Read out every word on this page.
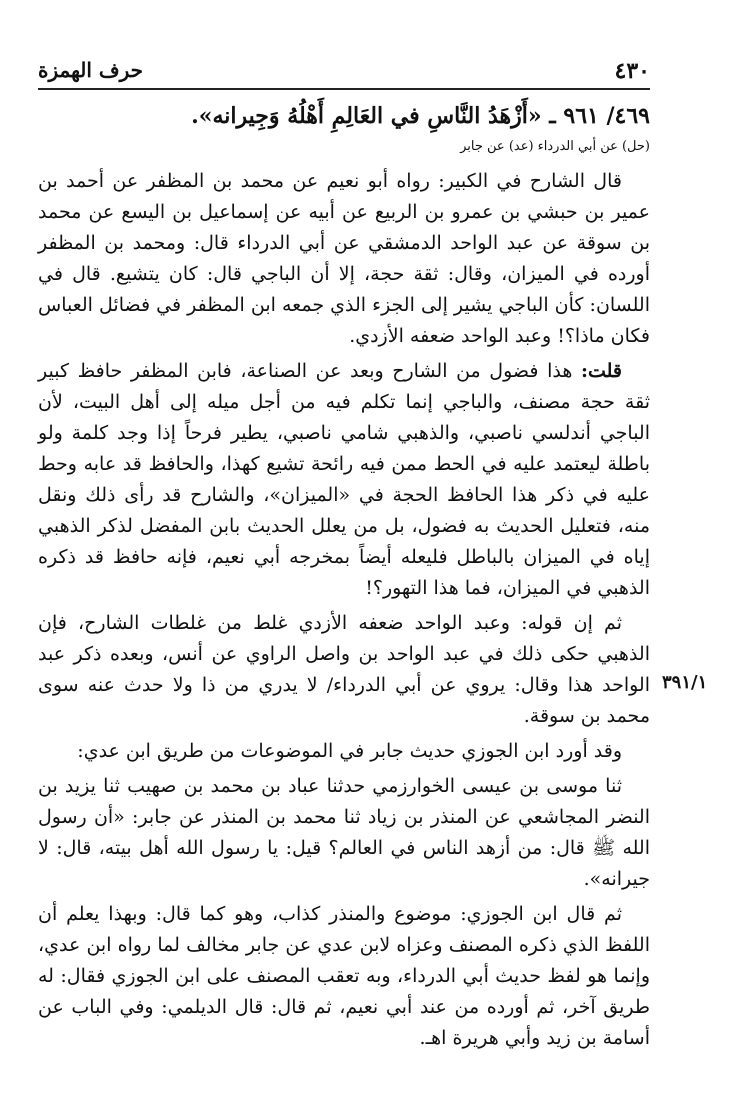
٤٣٠
حرف الهمزة

٤٦٩/ ٩٦١ ـ «أَزْهَدُ النَّاسِ في العَالِمِ أَهْلُهُ وَجِيرانه».

(حل) عن أبي الدرداء (عد) عن جابر

قال الشارح في الكبير: رواه أبو نعيم عن محمد بن المظفر عن أحمد بن عمير بن حبشي بن عمرو بن الربيع عن أبيه عن إسماعيل بن اليسع عن محمد بن سوقة عن عبد الواحد الدمشقي عن أبي الدرداء قال: ومحمد بن المظفر أورده في الميزان، وقال: ثقة حجة، إلا أن الباجي قال: كان يتشيع. قال في اللسان: كأن الباجي يشير إلى الجزء الذي جمعه ابن المظفر في فضائل العباس فكان ماذا؟! وعبد الواحد ضعفه الأزدي.

قلت: هذا فضول من الشارح وبعد عن الصناعة، فابن المظفر حافظ كبير ثقة حجة مصنف، والباجي إنما تكلم فيه من أجل ميله إلى أهل البيت، لأن الباجي أندلسي ناصبي، والذهبي شامي ناصبي، يطير فرحاً إذا وجد كلمة ولو باطلة ليعتمد عليه في الحط ممن فيه رائحة تشيع كهذا، والحافظ قد عابه وحط عليه في ذكر هذا الحافظ الحجة في «الميزان»، والشارح قد رأى ذلك ونقل منه، فتعليل الحديث به فضول، بل من يعلل الحديث بابن المفضل لذكر الذهبي إياه في الميزان بالباطل فليعله أيضاً بمخرجه أبي نعيم، فإنه حافظ قد ذكره الذهبي في الميزان، فما هذا التهور؟!

ثم إن قوله: وعبد الواحد ضعفه الأزدي غلط من غلطات الشارح، فإن الذهبي حكى ذلك في عبد الواحد بن واصل الراوي عن أنس، وبعده ذكر عبد الواحد هذا وقال: يروي عن أبي الدرداء/ لا يدري من ذا ولا حدث عنه سوى محمد بن سوقة.

وقد أورد ابن الجوزي حديث جابر في الموضوعات من طريق ابن عدي:

ثنا موسى بن عيسى الخوارزمي حدثنا عباد بن محمد بن صهيب ثنا يزيد بن النضر المجاشعي عن المنذر بن زياد ثنا محمد بن المنذر عن جابر: «أن رسول الله ﷺ قال: من أزهد الناس في العالم؟ قيل: يا رسول الله أهل بيته، قال: لا جيرانه».

ثم قال ابن الجوزي: موضوع والمنذر كذاب، وهو كما قال: وبهذا يعلم أن اللفظ الذي ذكره المصنف وعزاه لابن عدي عن جابر مخالف لما رواه ابن عدي، وإنما هو لفظ حديث أبي الدرداء، وبه تعقب المصنف على ابن الجوزي فقال: له طريق آخر، ثم أورده من عند أبي نعيم، ثم قال: قال الديلمي: وفي الباب عن أسامة بن زيد وأبي هريرة اهـ.

٣٩١/١
